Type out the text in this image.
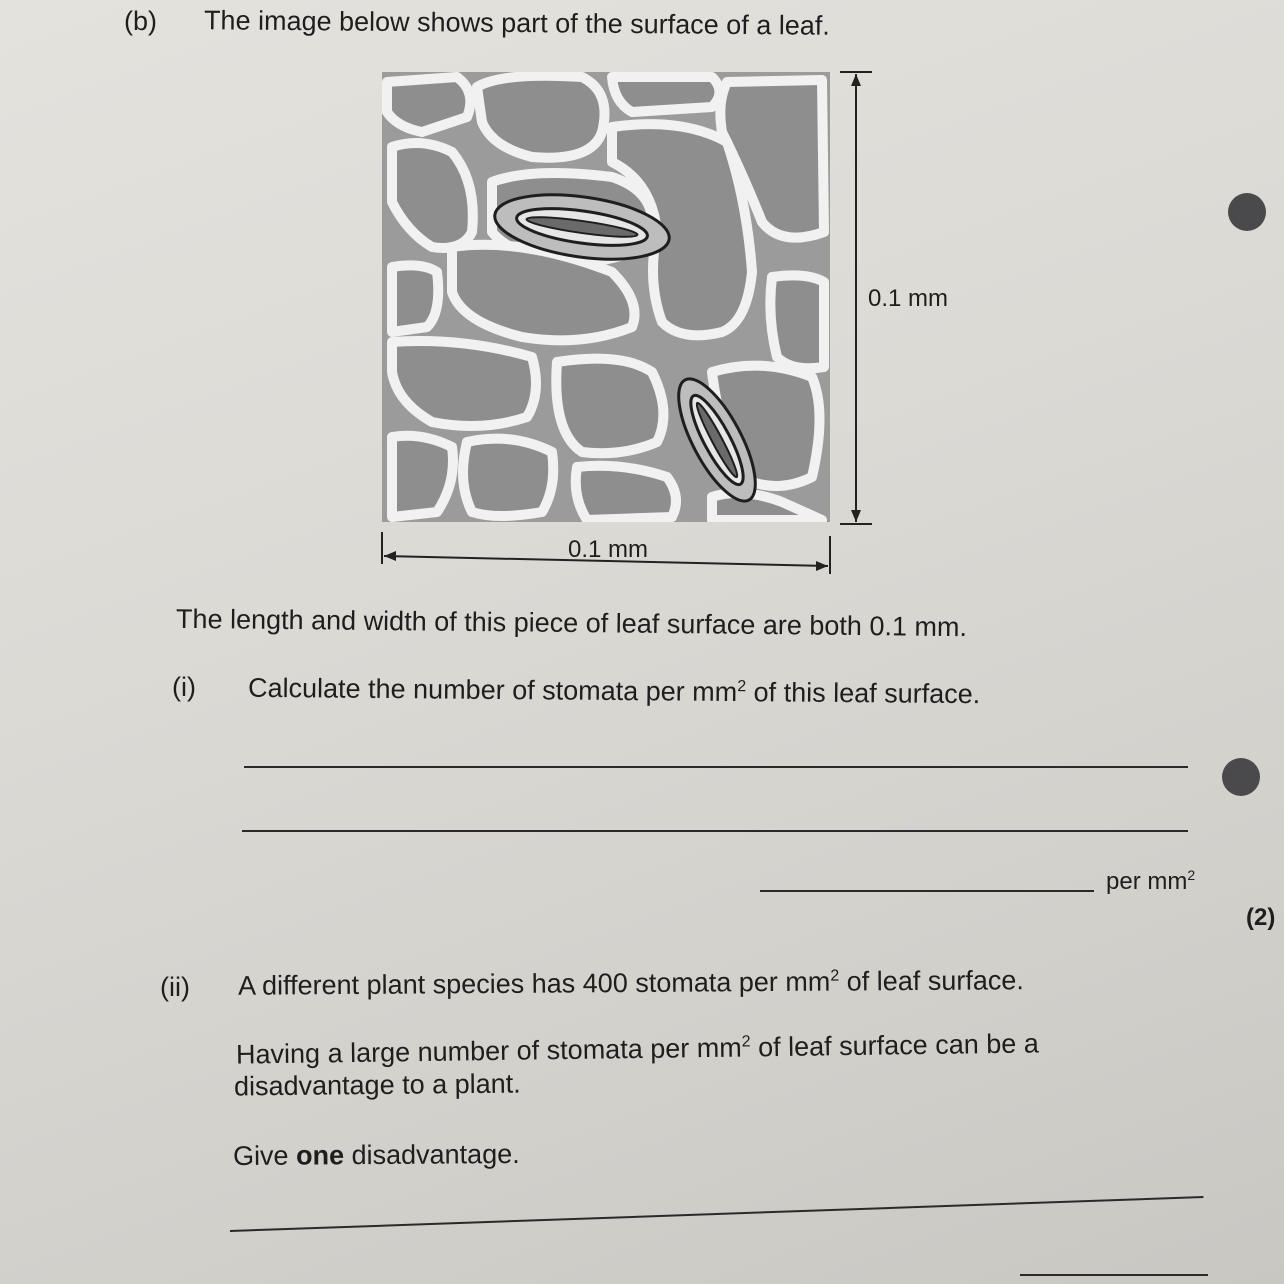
(b) The image below shows part of the surface of a leaf.

0.1 mm
0.1 mm

The length and width of this piece of leaf surface are both 0.1 mm.

(i) Calculate the number of stomata per $mm^2$ of this leaf surface.

per $mm^2$

(2)

(ii) A different plant species has 400 stomata per $mm^2$ of leaf surface.

Having a large number of stomata per $mm^2$ of leaf surface can be a

disadvantage to a plant.

Give one disadvantage.
